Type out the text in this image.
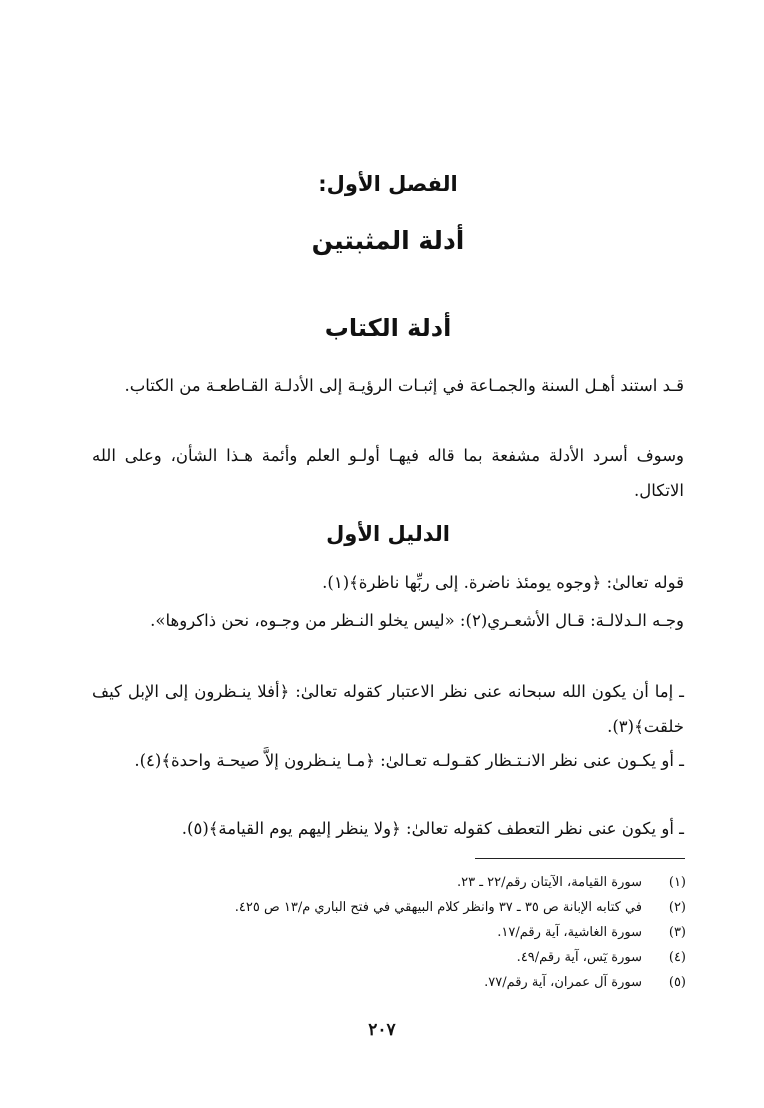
الفصل الأول:
أدلة المثبتين
أدلة الكتاب
قـد استند أهـل السنة والجمـاعة في إثبـات الرؤيـة إلى الأدلـة القـاطعـة من الكتاب.
وسوف أسرد الأدلة مشفعة بما قاله فيهـا أولـو العلم وأئمة هـذا الشأن، وعلى الله الاتكال.
الدليل الأول
قوله تعالىٰ: ﴿وجوه يومئذ ناضرة. إلى ربِّها ناظرة﴾(١).
وجـه الـدلالـة: قـال الأشعـري(٢): «ليس يخلو النـظر من وجـوه، نحن ذاكروها».
ـ إما أن يكون الله سبحانه عنى نظر الاعتبار كقوله تعالىٰ: ﴿أفلا ينـظرون إلى الإبل كيف خلقت﴾(٣).
ـ أو يكـون عنى نظر الانـتـظار كقـولـه تعـالىٰ: ﴿مـا ينـظرون إلاَّ صيحـة واحدة﴾(٤).
ـ أو يكون عنى نظر التعطف كقوله تعالىٰ: ﴿ولا ينظر إليهم يوم القيامة﴾(٥).
(١)
سورة القيامة، الآيتان رقم/٢٢ ـ ٢٣.
(٢)
في كتابه الإبانة ص ٣٥ ـ ٣٧ وانظر كلام البيهقي في فتح الباري م/١٣ ص ٤٢٥.
(٣)
سورة الغاشية، آية رقم/١٧.
(٤)
سورة يٓس، آية رقم/٤٩.
(٥)
سورة آل عمران، آية رقم/٧٧.
٢٠٧
